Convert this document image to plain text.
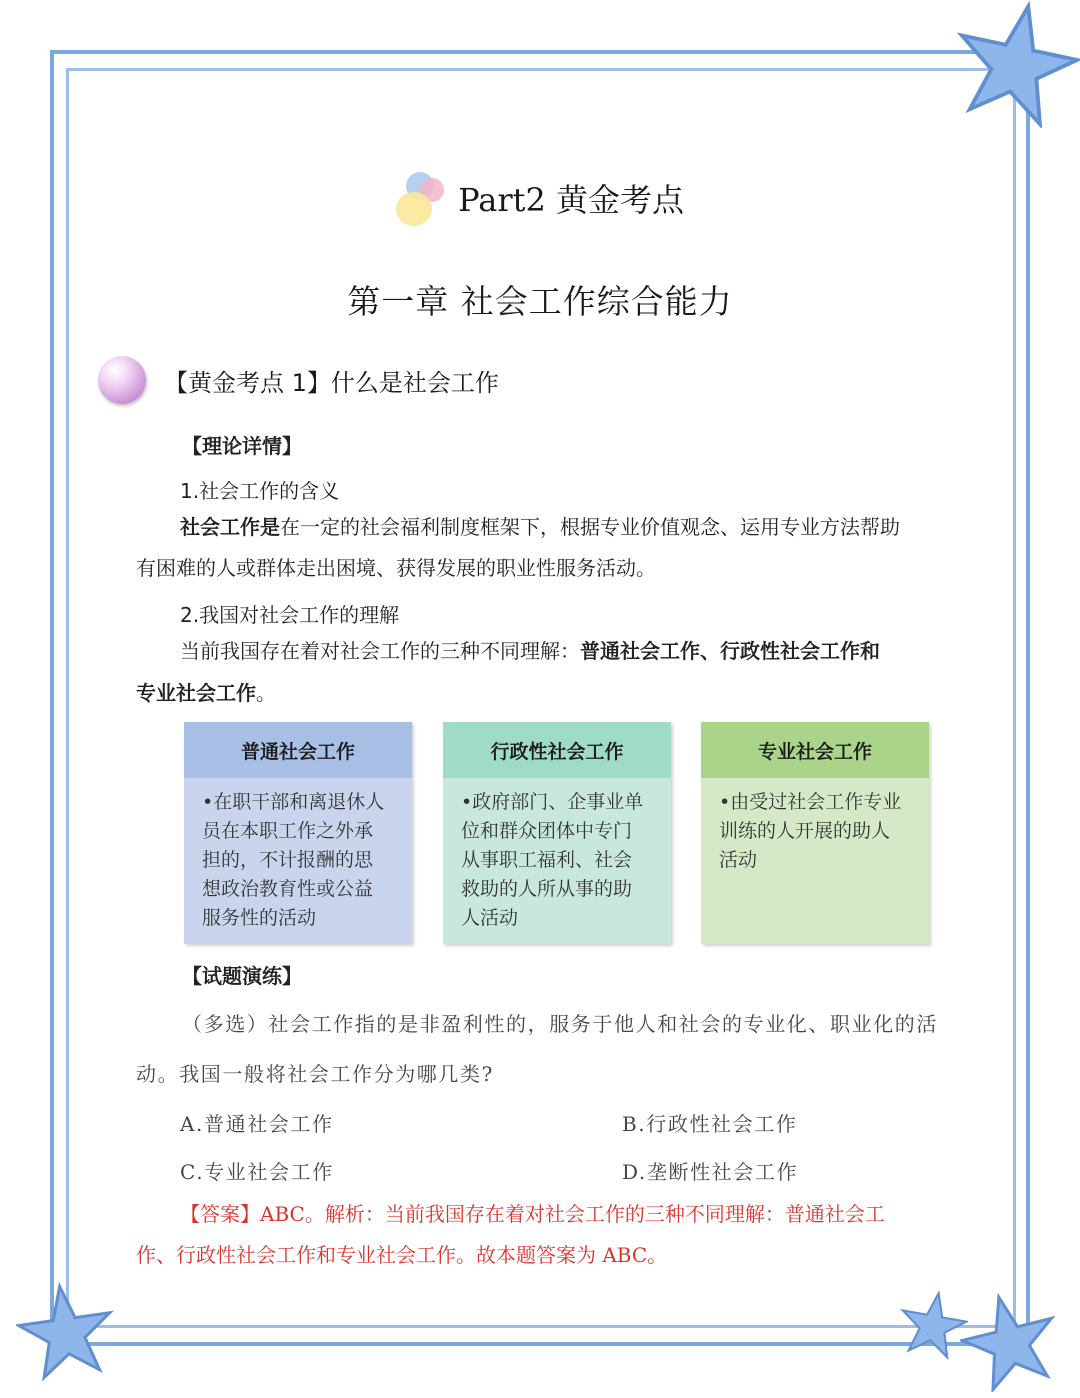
Part2 黄金考点
第一章 社会工作综合能力
【黄金考点 1】什么是社会工作
【理论详情】
1.社会工作的含义
社会工作是在一定的社会福利制度框架下，根据专业价值观念、运用专业方法帮助
有困难的人或群体走出困境、获得发展的职业性服务活动。
2.我国对社会工作的理解
当前我国存在着对社会工作的三种不同理解：普通社会工作、行政性社会工作和
专业社会工作。
普通社会工作
•在职干部和离退休人
员在本职工作之外承
担的，不计报酬的思
想政治教育性或公益
服务性的活动
行政性社会工作
•政府部门、企事业单
位和群众团体中专门
从事职工福利、社会
救助的人所从事的助
人活动
专业社会工作
•由受过社会工作专业
训练的人开展的助人
活动
【试题演练】
（多选）社会工作指的是非盈利性的，服务于他人和社会的专业化、职业化的活
动。我国一般将社会工作分为哪几类?
A.普通社会工作	B.行政性社会工作
C.专业社会工作	D.垄断性社会工作
【答案】ABC。解析：当前我国存在着对社会工作的三种不同理解：普通社会工
作、行政性社会工作和专业社会工作。故本题答案为 ABC。
